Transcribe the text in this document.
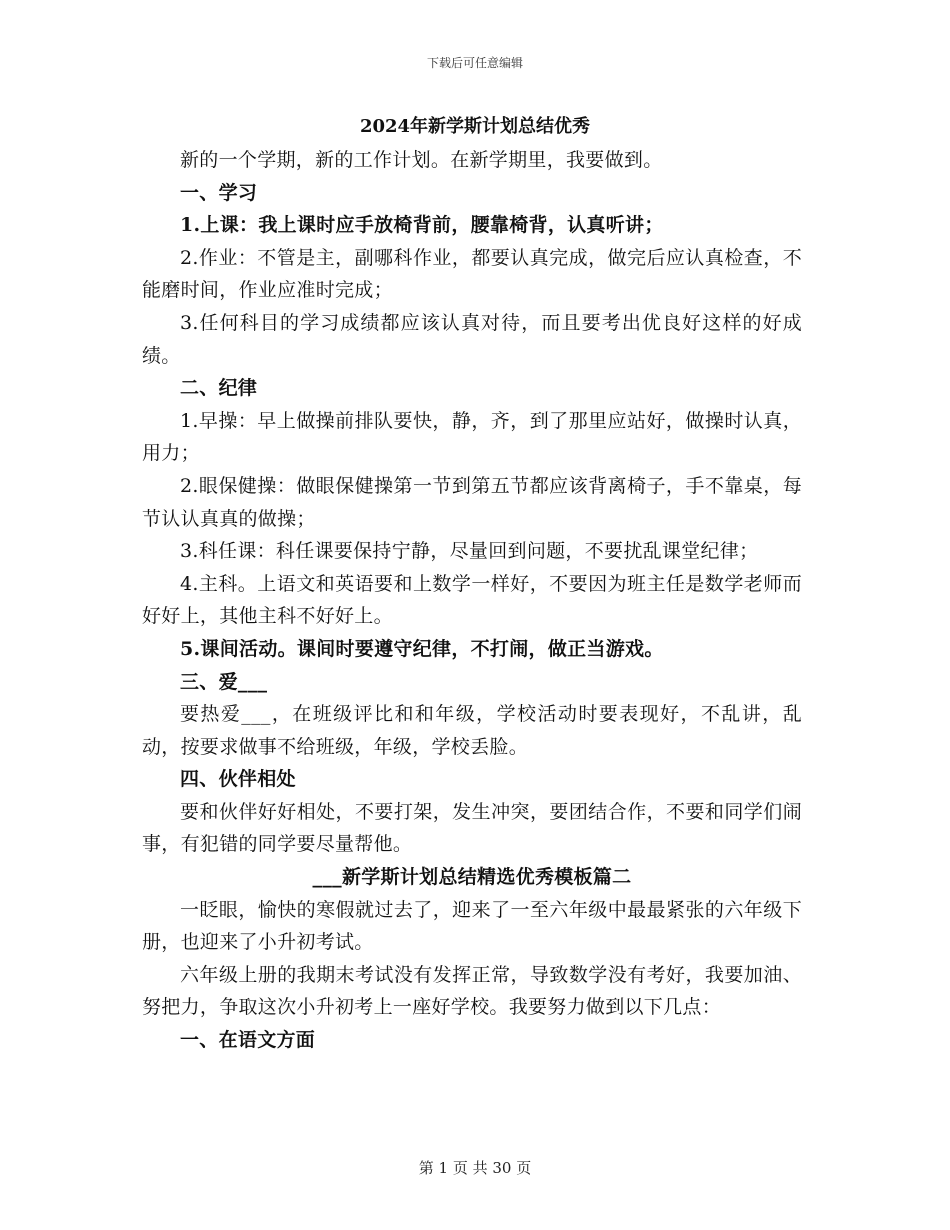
下载后可任意编辑
2024年新学斯计划总结优秀

新的一个学期，新的工作计划。在新学期里，我要做到。

一、学习

1.上课：我上课时应手放椅背前，腰靠椅背，认真听讲；

2.作业：不管是主，副哪科作业，都要认真完成，做完后应认真检查，不能磨时间，作业应准时完成；

3.任何科目的学习成绩都应该认真对待，而且要考出优良好这样的好成绩。

二、纪律

1.早操：早上做操前排队要快，静，齐，到了那里应站好，做操时认真，用力；

2.眼保健操：做眼保健操第一节到第五节都应该背离椅子，手不靠桌，每节认认真真的做操；

3.科任课：科任课要保持宁静，尽量回到问题，不要扰乱课堂纪律；

4.主科。上语文和英语要和上数学一样好，不要因为班主任是数学老师而好好上，其他主科不好好上。

5.课间活动。课间时要遵守纪律，不打闹，做正当游戏。

三、爱___

要热爱___，在班级评比和和年级，学校活动时要表现好，不乱讲，乱动，按要求做事不给班级，年级，学校丢脸。

四、伙伴相处

要和伙伴好好相处，不要打架，发生冲突，要团结合作，不要和同学们闹事，有犯错的同学要尽量帮他。

___新学斯计划总结精选优秀模板篇二

一眨眼，愉快的寒假就过去了，迎来了一至六年级中最最紧张的六年级下册，也迎来了小升初考试。

六年级上册的我期末考试没有发挥正常，导致数学没有考好，我要加油、努把力，争取这次小升初考上一座好学校。我要努力做到以下几点：

一、在语文方面

第 1 页 共 30 页
